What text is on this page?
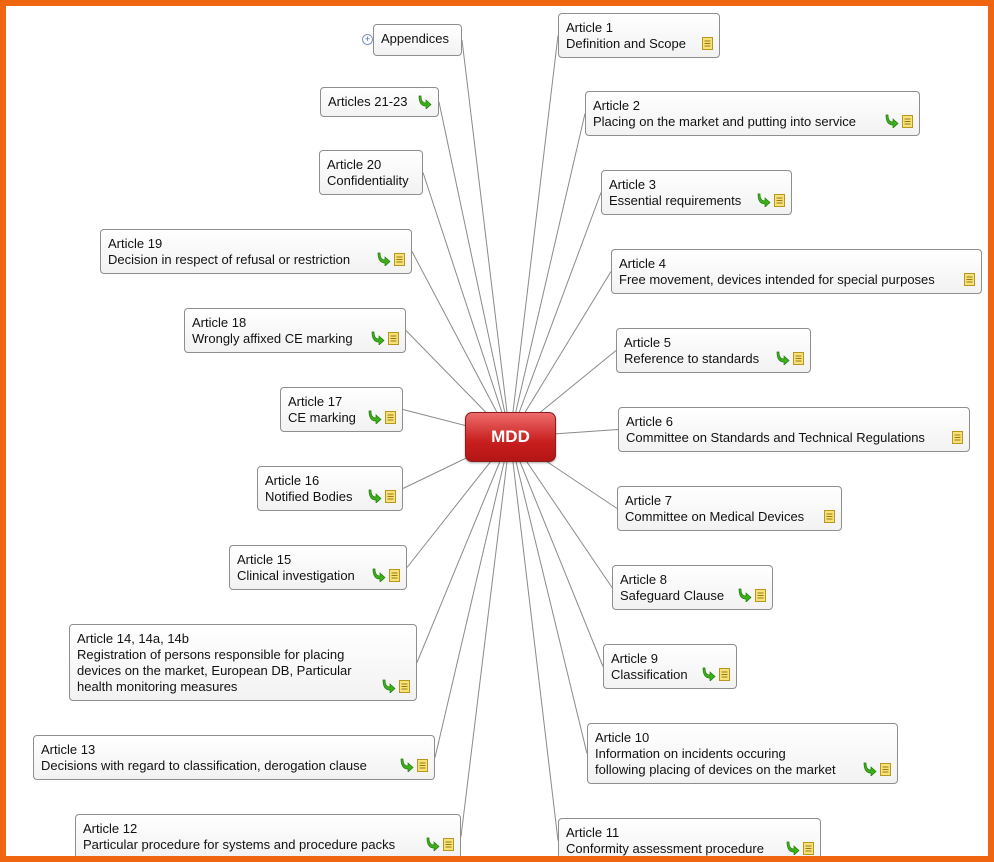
+ Appendices
Article 1
Definition and Scope
Article 2
Placing on the market and putting into service
Article 3
Essential requirements
Article 4
Free movement, devices intended for special purposes
Article 5
Reference to standards
Article 6
Committee on Standards and Technical Regulations
Article 7
Committee on Medical Devices
Article 8
Safeguard Clause
Article 9
Classification
Article 10
Information on incidents occuring
following placing of devices on the market
Article 11
Conformity assessment procedure
Article 12
Particular procedure for systems and procedure packs
Article 13
Decisions with regard to classification, derogation clause
Article 14, 14a, 14b
Registration of persons responsible for placing
devices on the market, European DB, Particular
health monitoring measures
Article 15
Clinical investigation
Article 16
Notified Bodies
Article 17
CE marking
Article 18
Wrongly affixed CE marking
Article 19
Decision in respect of refusal or restriction
Article 20
Confidentiality
Articles 21-23
MDD
